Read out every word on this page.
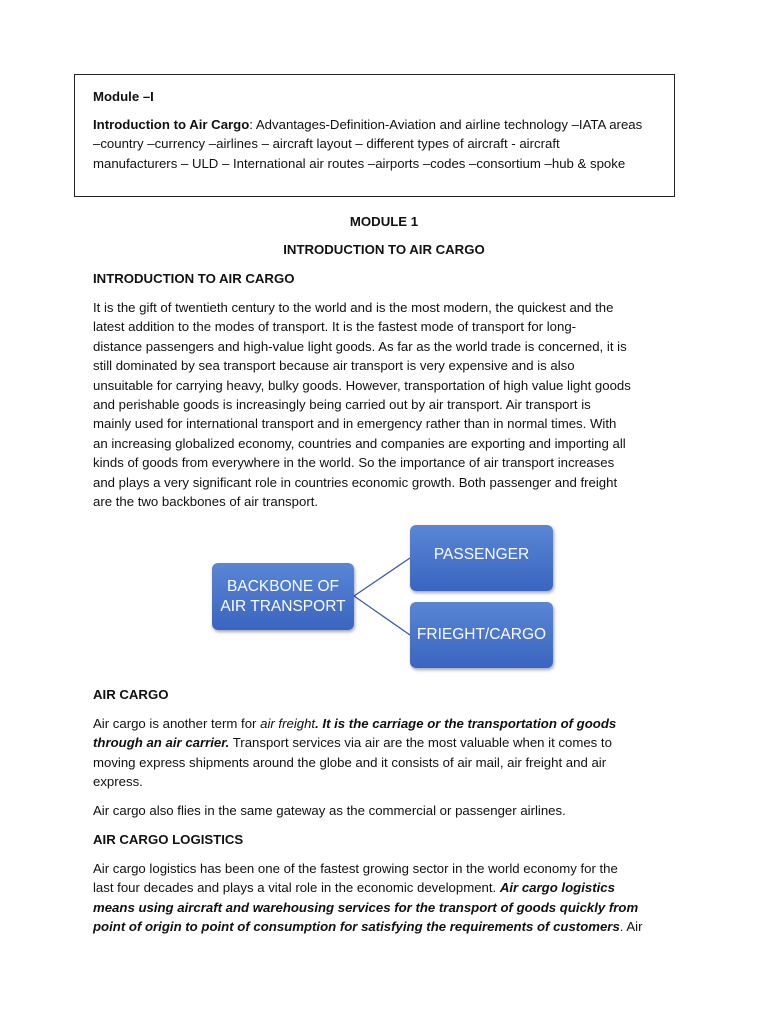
Module –I
Introduction to Air Cargo: Advantages-Definition-Aviation and airline technology –IATA areas
–country –currency –airlines – aircraft layout – different types of aircraft - aircraft
manufacturers – ULD – International air routes –airports –codes –consortium –hub & spoke
MODULE 1
INTRODUCTION TO AIR CARGO
INTRODUCTION TO AIR CARGO
It is the gift of twentieth century to the world and is the most modern, the quickest and the
latest addition to the modes of transport. It is the fastest mode of transport for long-
distance passengers and high-value light goods. As far as the world trade is concerned, it is
still dominated by sea transport because air transport is very expensive and is also
unsuitable for carrying heavy, bulky goods. However, transportation of high value light goods
and perishable goods is increasingly being carried out by air transport. Air transport is
mainly used for international transport and in emergency rather than in normal times. With
an increasing globalized economy, countries and companies are exporting and importing all
kinds of goods from everywhere in the world. So the importance of air transport increases
and plays a very significant role in countries economic growth. Both passenger and freight
are the two backbones of air transport.
BACKBONE OF
AIR TRANSPORT
PASSENGER
FRIEGHT/CARGO
AIR CARGO
Air cargo is another term for air freight. It is the carriage or the transportation of goods
through an air carrier. Transport services via air are the most valuable when it comes to
moving express shipments around the globe and it consists of air mail, air freight and air
express.
Air cargo also flies in the same gateway as the commercial or passenger airlines.
AIR CARGO LOGISTICS
Air cargo logistics has been one of the fastest growing sector in the world economy for the
last four decades and plays a vital role in the economic development. Air cargo logistics
means using aircraft and warehousing services for the transport of goods quickly from
point of origin to point of consumption for satisfying the requirements of customers. Air
